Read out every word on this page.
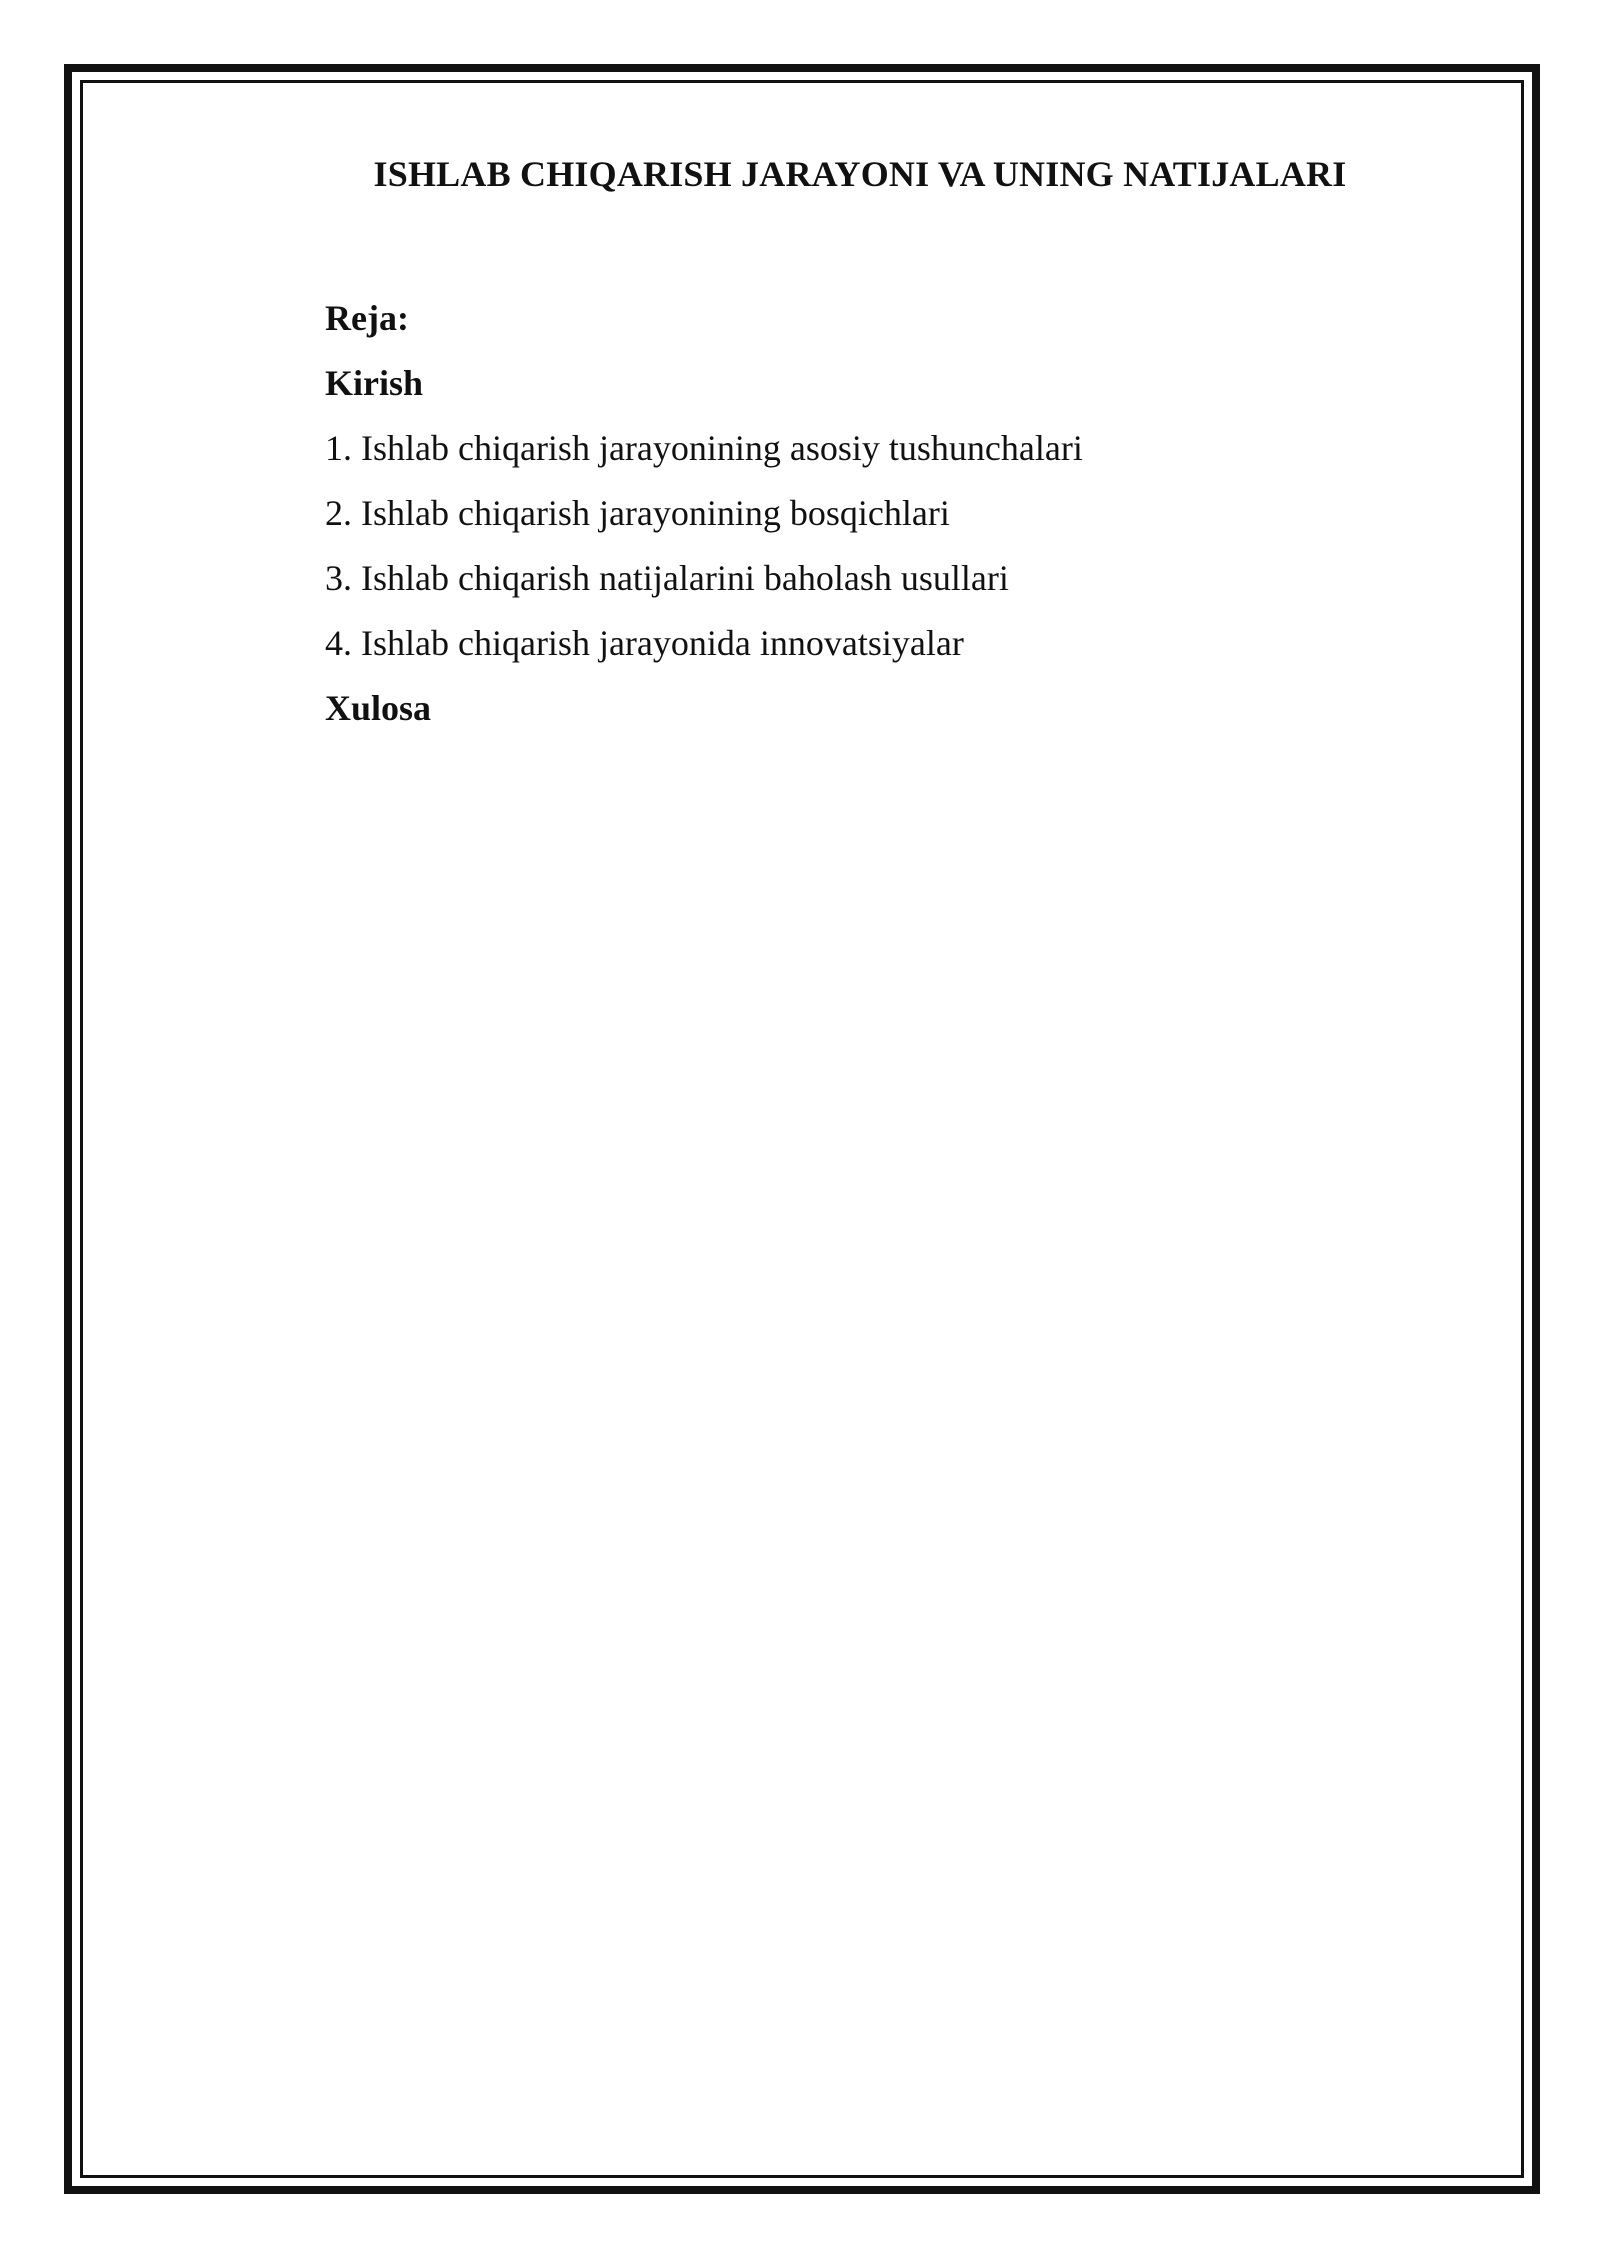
ISHLAB CHIQARISH JARAYONI VA UNING NATIJALARI
Reja:
Kirish
1. Ishlab chiqarish jarayonining asosiy tushunchalari
2. Ishlab chiqarish jarayonining bosqichlari
3. Ishlab chiqarish natijalarini baholash usullari
4. Ishlab chiqarish jarayonida innovatsiyalar
Xulosa
